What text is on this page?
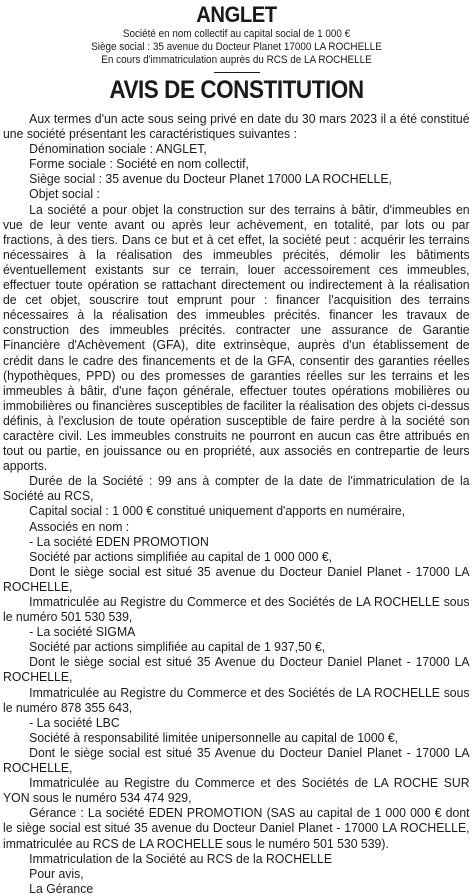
ANGLET

Société en nom collectif au capital social de 1 000 €

Siège social : 35 avenue du Docteur Planet 17000 LA ROCHELLE

En cours d'immatriculation auprès du RCS de LA ROCHELLE

AVIS DE CONSTITUTION

Aux termes d'un acte sous seing privé en date du 30 mars 2023 il a été constitué une société présentant les caractéristiques suivantes :

Dénomination sociale : ANGLET,

Forme sociale : Société en nom collectif,

Siège social : 35 avenue du Docteur Planet 17000 LA ROCHELLE,

Objet social :

La société a pour objet la construction sur des terrains à bâtir, d'immeubles en vue de leur vente avant ou après leur achèvement, en totalité, par lots ou par fractions, à des tiers. Dans ce but et à cet effet, la société peut : acquérir les terrains nécessaires à la réalisation des immeubles précités, démolir les bâtiments éventuellement existants sur ce terrain, louer accessoirement ces immeubles, effectuer toute opération se rattachant directement ou indirectement à la réalisation de cet objet, souscrire tout emprunt pour : financer l'acquisition des terrains nécessaires à la réalisation des immeubles précités. financer les travaux de construction des immeubles précités. contracter une assurance de Garantie Financière d'Achèvement (GFA), dite extrinsèque, auprès d'un établissement de crédit dans le cadre des financements et de la GFA, consentir des garanties réelles (hypothèques, PPD) ou des promesses de garanties réelles sur les terrains et les immeubles à bâtir, d'une façon générale, effectuer toutes opérations mobilières ou immobilières ou financières susceptibles de faciliter la réalisation des objets ci-dessus définis, à l'exclusion de toute opération susceptible de faire perdre à la société son caractère civil. Les immeubles construits ne pourront en aucun cas être attribués en tout ou partie, en jouissance ou en propriété, aux associés en contrepartie de leurs apports.

Durée de la Société : 99 ans à compter de la date de l'immatriculation de la Société au RCS,

Capital social : 1 000 € constitué uniquement d'apports en numéraire,

Associés en nom :

- La société EDEN PROMOTION

Société par actions simplifiée au capital de 1 000 000 €,

Dont le siège social est situé 35 avenue du Docteur Daniel Planet - 17000 LA ROCHELLE,

Immatriculée au Registre du Commerce et des Sociétés de LA ROCHELLE sous le numéro 501 530 539,

- La société SIGMA

Société par actions simplifiée au capital de 1 937,50 €,

Dont le siège social est situé 35 Avenue du Docteur Daniel Planet - 17000 LA ROCHELLE,

Immatriculée au Registre du Commerce et des Sociétés de LA ROCHELLE sous le numéro 878 355 643,

- La société LBC

Société à responsabilité limitée unipersonnelle au capital de 1000 €,

Dont le siège social est situé 35 Avenue du Docteur Daniel Planet - 17000 LA ROCHELLE,

Immatriculée au Registre du Commerce et des Sociétés de LA ROCHE SUR YON sous le numéro 534 474 929,

Gérance : La société EDEN PROMOTION (SAS au capital de 1 000 000 € dont le siège social est situé 35 avenue du Docteur Daniel Planet - 17000 LA ROCHELLE, immatriculée au RCS de LA ROCHELLE sous le numéro 501 530 539).

Immatriculation de la Société au RCS de la ROCHELLE

Pour avis,

La Gérance
